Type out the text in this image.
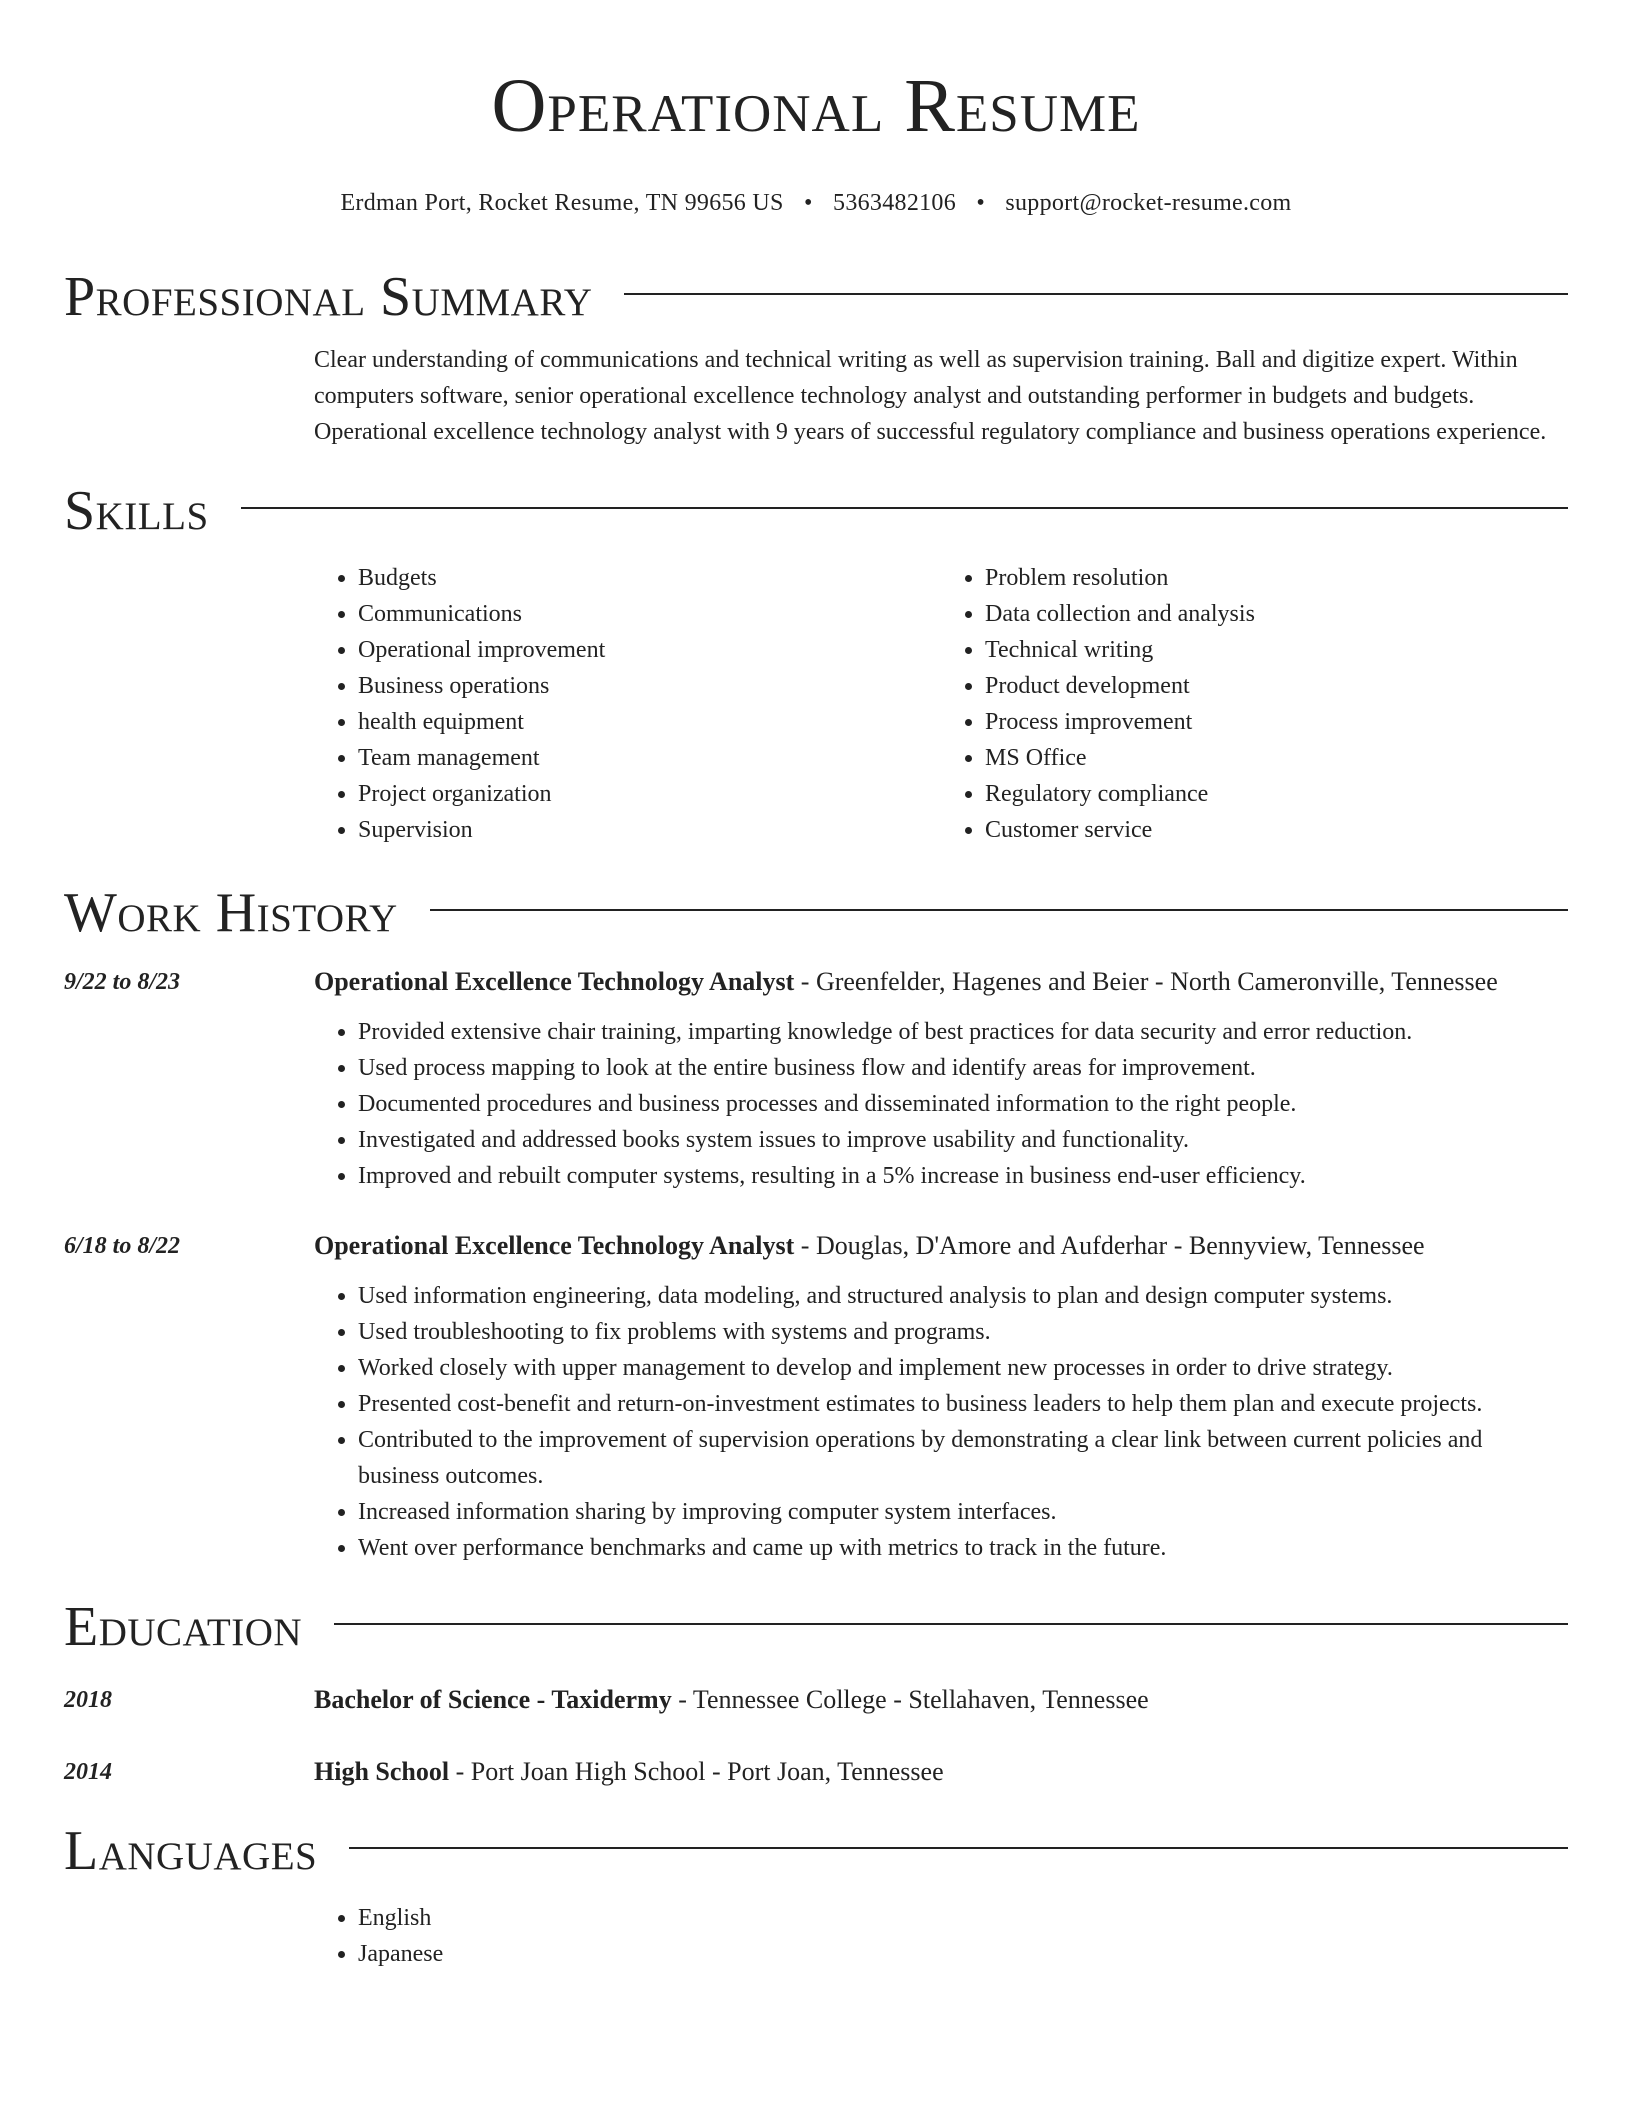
Operational Resume
Erdman Port, Rocket Resume, TN 99656 US • 5363482106 • support@rocket-resume.com
Professional Summary
Clear understanding of communications and technical writing as well as supervision training. Ball and digitize expert. Within computers software, senior operational excellence technology analyst and outstanding performer in budgets and budgets. Operational excellence technology analyst with 9 years of successful regulatory compliance and business operations experience.
Skills
• Budgets
• Communications
• Operational improvement
• Business operations
• health equipment
• Team management
• Project organization
• Supervision
• Problem resolution
• Data collection and analysis
• Technical writing
• Product development
• Process improvement
• MS Office
• Regulatory compliance
• Customer service
Work History
9/22 to 8/23	Operational Excellence Technology Analyst - Greenfelder, Hagenes and Beier - North Cameronville, Tennessee
• Provided extensive chair training, imparting knowledge of best practices for data security and error reduction.
• Used process mapping to look at the entire business flow and identify areas for improvement.
• Documented procedures and business processes and disseminated information to the right people.
• Investigated and addressed books system issues to improve usability and functionality.
• Improved and rebuilt computer systems, resulting in a 5% increase in business end-user efficiency.
6/18 to 8/22	Operational Excellence Technology Analyst - Douglas, D'Amore and Aufderhar - Bennyview, Tennessee
• Used information engineering, data modeling, and structured analysis to plan and design computer systems.
• Used troubleshooting to fix problems with systems and programs.
• Worked closely with upper management to develop and implement new processes in order to drive strategy.
• Presented cost-benefit and return-on-investment estimates to business leaders to help them plan and execute projects.
• Contributed to the improvement of supervision operations by demonstrating a clear link between current policies and business outcomes.
• Increased information sharing by improving computer system interfaces.
• Went over performance benchmarks and came up with metrics to track in the future.
Education
2018	Bachelor of Science - Taxidermy - Tennessee College - Stellahaven, Tennessee
2014	High School - Port Joan High School - Port Joan, Tennessee
Languages
• English
• Japanese
